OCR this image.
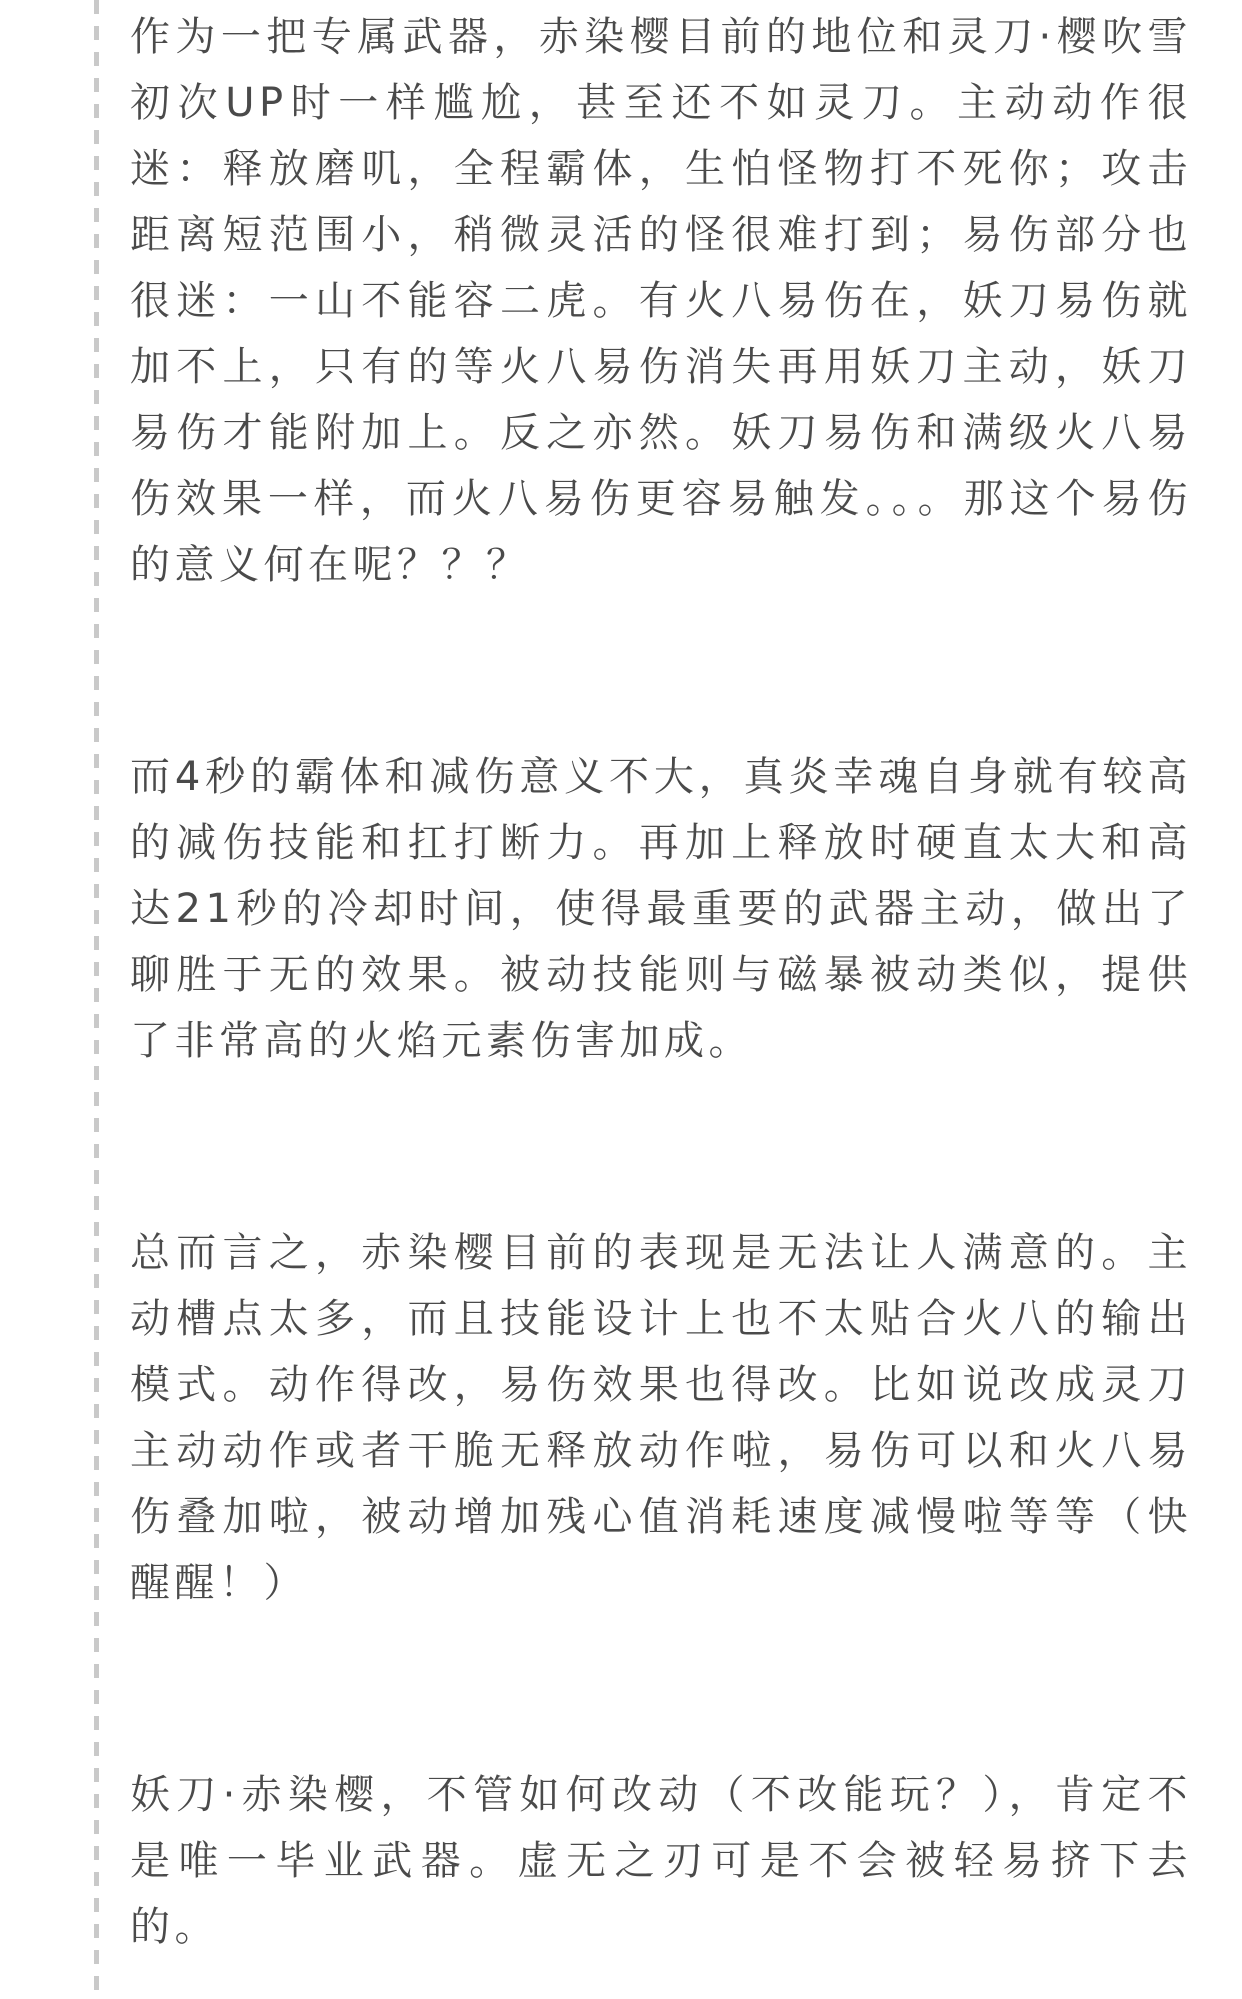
作为一把专属武器，赤染樱目前的地位和灵刀·樱吹雪初次UP时一样尴尬，甚至还不如灵刀。主动动作很迷：释放磨叽，全程霸体，生怕怪物打不死你；攻击距离短范围小，稍微灵活的怪很难打到；易伤部分也很迷：一山不能容二虎。有火八易伤在，妖刀易伤就加不上，只有的等火八易伤消失再用妖刀主动，妖刀易伤才能附加上。反之亦然。妖刀易伤和满级火八易伤效果一样，而火八易伤更容易触发。。。那这个易伤的意义何在呢？？？

而4秒的霸体和减伤意义不大，真炎幸魂自身就有较高的减伤技能和扛打断力。再加上释放时硬直太大和高达21秒的冷却时间，使得最重要的武器主动，做出了聊胜于无的效果。被动技能则与磁暴被动类似，提供了非常高的火焰元素伤害加成。

总而言之，赤染樱目前的表现是无法让人满意的。主动槽点太多，而且技能设计上也不太贴合火八的输出模式。动作得改，易伤效果也得改。比如说改成灵刀主动动作或者干脆无释放动作啦，易伤可以和火八易伤叠加啦，被动增加残心值消耗速度减慢啦等等（快醒醒！）

妖刀·赤染樱，不管如何改动（不改能玩？），肯定不是唯一毕业武器。虚无之刃可是不会被轻易挤下去的。
